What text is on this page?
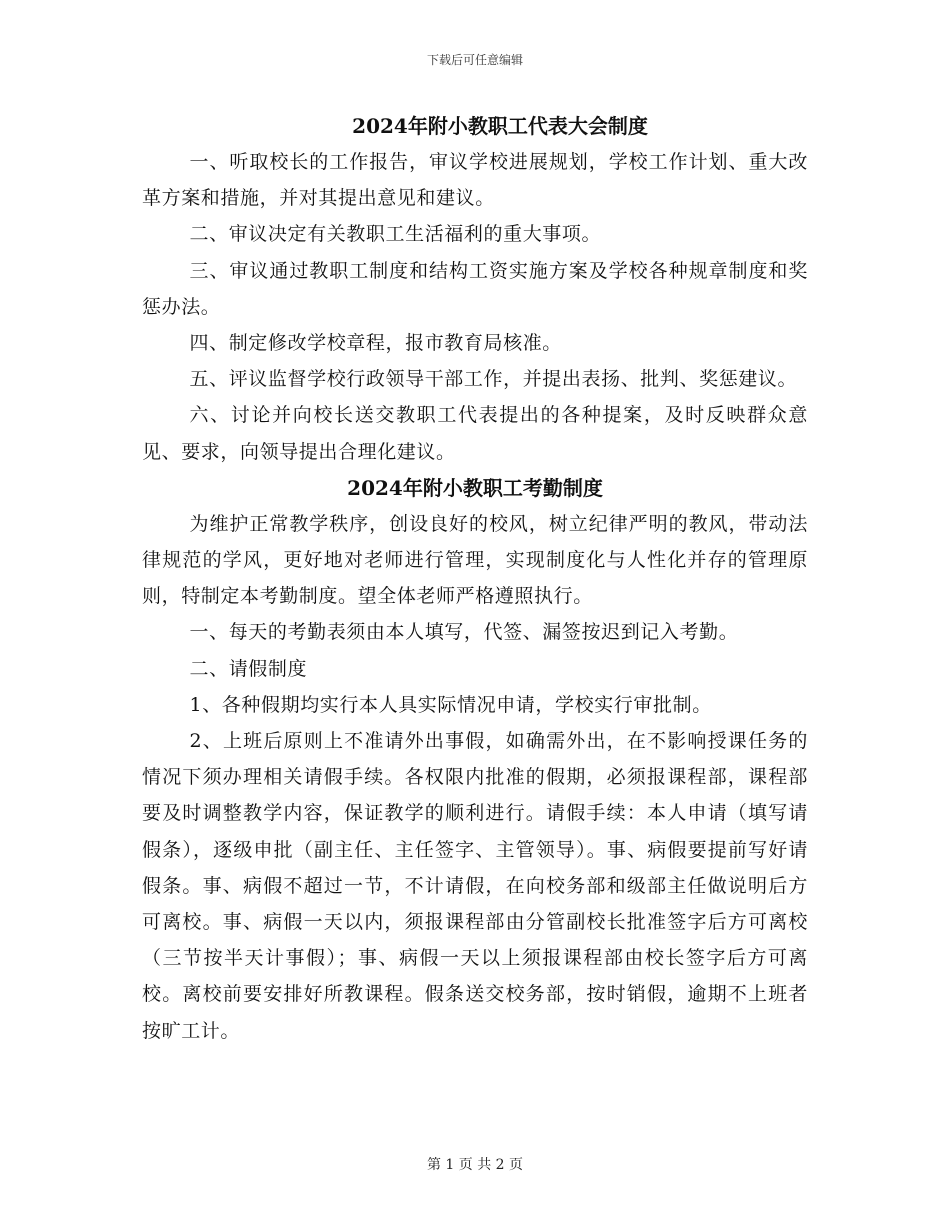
下载后可任意编辑
2024年附小教职工代表大会制度

一、听取校长的工作报告，审议学校进展规划，学校工作计划、重大改革方案和措施，并对其提出意见和建议。

二、审议决定有关教职工生活福利的重大事项。

三、审议通过教职工制度和结构工资实施方案及学校各种规章制度和奖惩办法。

四、制定修改学校章程，报市教育局核准。

五、评议监督学校行政领导干部工作，并提出表扬、批判、奖惩建议。

六、讨论并向校长送交教职工代表提出的各种提案，及时反映群众意见、要求，向领导提出合理化建议。

2024年附小教职工考勤制度

为维护正常教学秩序，创设良好的校风，树立纪律严明的教风，带动法律规范的学风，更好地对老师进行管理，实现制度化与人性化并存的管理原则，特制定本考勤制度。望全体老师严格遵照执行。

一、每天的考勤表须由本人填写，代签、漏签按迟到记入考勤。

二、请假制度

1、各种假期均实行本人具实际情况申请，学校实行审批制。

2、上班后原则上不准请外出事假，如确需外出，在不影响授课任务的情况下须办理相关请假手续。各权限内批准的假期，必须报课程部，课程部要及时调整教学内容，保证教学的顺利进行。请假手续：本人申请（填写请假条），逐级申批（副主任、主任签字、主管领导）。事、病假要提前写好请假条。事、病假不超过一节，不计请假，在向校务部和级部主任做说明后方可离校。事、病假一天以内，须报课程部由分管副校长批准签字后方可离校（三节按半天计事假）；事、病假一天以上须报课程部由校长签字后方可离校。离校前要安排好所教课程。假条送交校务部，按时销假，逾期不上班者按旷工计。

第 1 页 共 2 页
